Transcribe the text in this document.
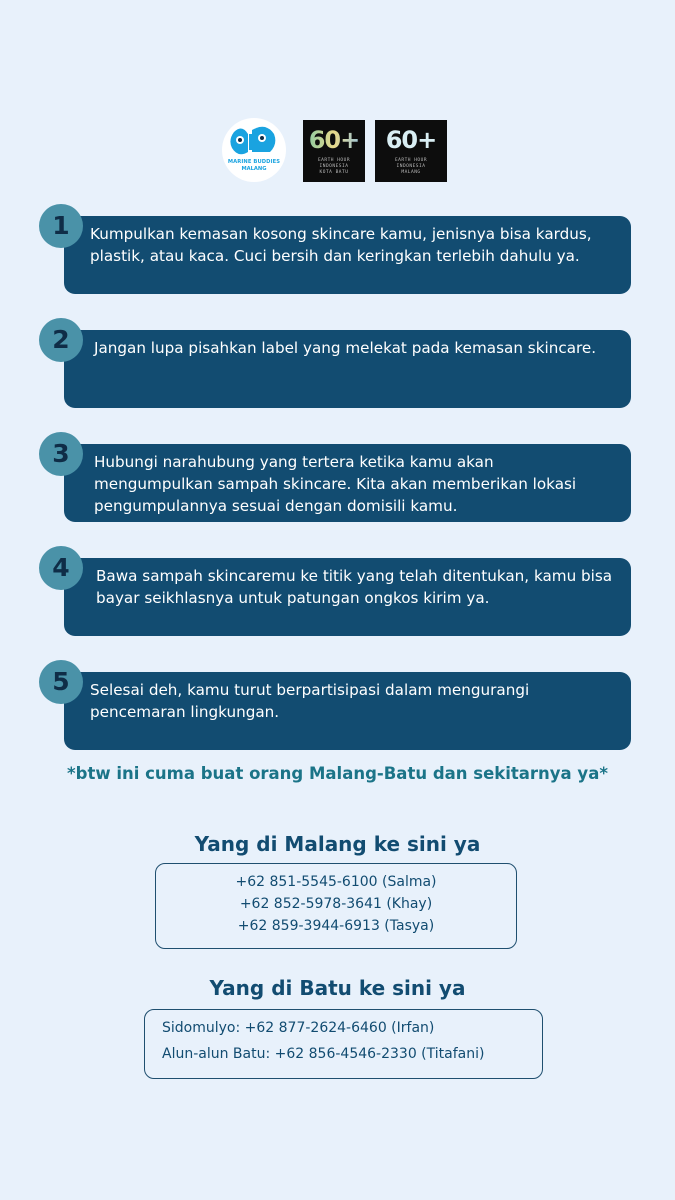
MARINE BUDDIES
MALANG
60+
EARTH HOUR
INDONESIA
KOTA BATU
60+
EARTH HOUR
INDONESIA
MALANG
Kumpulkan kemasan kosong skincare kamu, jenisnya bisa kardus, plastik, atau kaca. Cuci bersih dan keringkan terlebih dahulu ya.
1
Jangan lupa pisahkan label yang melekat pada kemasan skincare.
2
Hubungi narahubung yang tertera ketika kamu akan mengumpulkan sampah skincare. Kita akan memberikan lokasi pengumpulannya sesuai dengan domisili kamu.
3
Bawa sampah skincaremu ke titik yang telah ditentukan, kamu bisa bayar seikhlasnya untuk patungan ongkos kirim ya.
4
Selesai deh, kamu turut berpartisipasi dalam mengurangi pencemaran lingkungan.
5
*btw ini cuma buat orang Malang-Batu dan sekitarnya ya*
Yang di Malang ke sini ya
+62 851-5545-6100 (Salma)
+62 852-5978-3641 (Khay)
+62 859-3944-6913 (Tasya)
Yang di Batu ke sini ya
Sidomulyo: +62 877-2624-6460 (Irfan)
Alun-alun Batu: +62 856-4546-2330 (Titafani)
